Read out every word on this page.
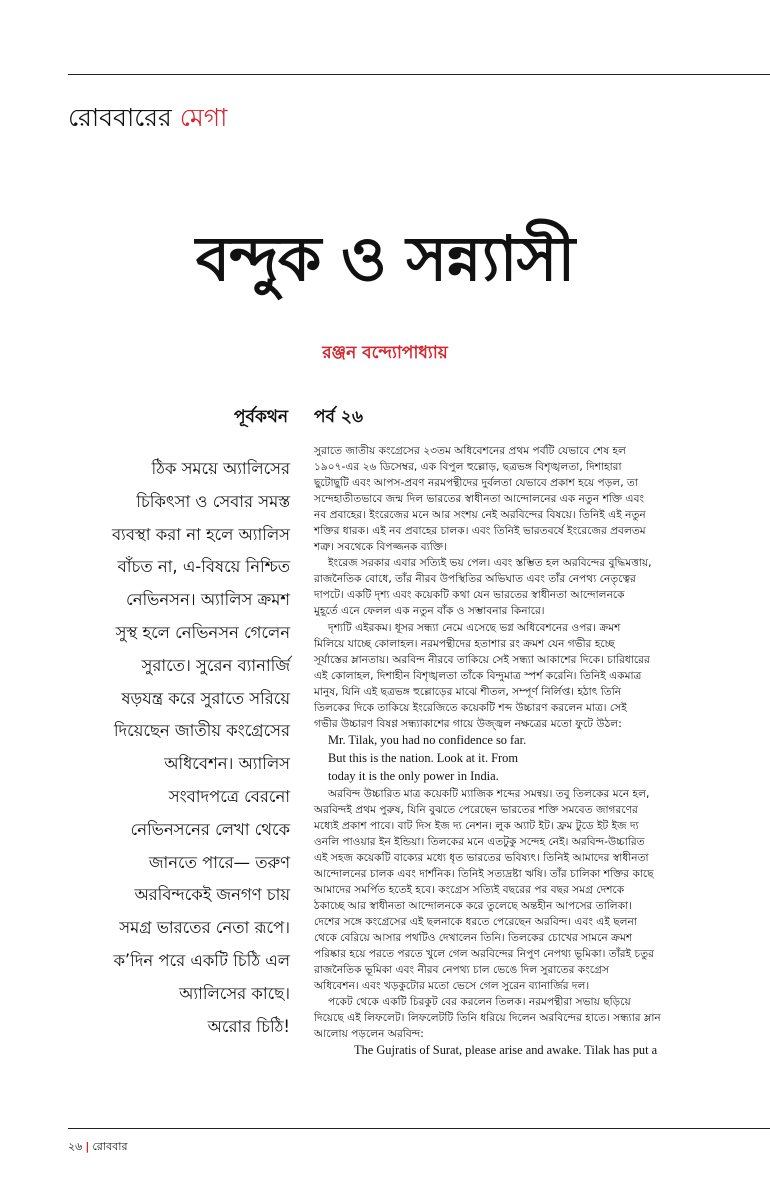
রোববারের মেগা
বন্দুক ও সন্ন্যাসী
রঞ্জন বন্দ্যোপাধ্যায়
পূর্বকথন পর্ব ২৬

ঠিক সময়ে অ্যালিসের

চিকিৎসা ও সেবার সমস্ত

ব্যবস্থা করা না হলে অ্যালিস

বাঁচত না, এ-বিষয়ে নিশ্চিত

নেভিনসন। অ্যালিস ক্রমশ

সুস্থ হলে নেভিনসন গেলেন

সুরাতে। সুরেন ব্যানার্জি

ষড়যন্ত্র করে সুরাতে সরিয়ে

দিয়েছেন জাতীয় কংগ্রেসের

অধিবেশন। অ্যালিস

সংবাদপত্রে বেরনো

নেভিনসনের লেখা থেকে

জানতে পারে— তরুণ

অরবিন্দকেই জনগণ চায়

সমগ্র ভারতের নেতা রূপে।

ক’দিন পরে একটি চিঠি এল

অ্যালিসের কাছে।

অরোর চিঠি!

সুরাতে জাতীয় কংগ্রেসের ২৩তম অধিবেশনের প্রথম পর্বটি যেভাবে শেষ হল

১৯০৭-এর ২৬ ডিসেম্বর, এক বিপুল হুল্লোড়, ছত্রভঙ্গ বিশৃঙ্খলতা, দিশাহারা

ছুটোছুটি এবং আপস-প্রবণ নরমপন্থীদের দুর্বলতা যেভাবে প্রকাশ হয়ে পড়ল, তা

সন্দেহাতীতভাবে জন্ম দিল ভারতের স্বাধীনতা আন্দোলনের এক নতুন শক্তি এবং

নব প্রবাহের। ইংরেজের মনে আর সংশয় নেই অরবিন্দের বিষয়ে। তিনিই এই নতুন

শক্তির ধারক। এই নব প্রবাহের চালক। এবং তিনিই ভারতবর্ষে ইংরেজের প্রবলতম

শত্রু। সবথেকে বিপজ্জনক ব্যক্তি।

ইংরেজ সরকার এবার সত্যিই ভয় পেল। এবং স্তম্ভিত হল অরবিন্দের বুদ্ধিমত্তায়,

রাজনৈতিক বোধে, তাঁর নীরব উপস্থিতির অভিঘাত এবং তাঁর নেপথ্য নেতৃত্বের

দাপটে। একটি দৃশ্য এবং কয়েকটি কথা যেন ভারতের স্বাধীনতা আন্দোলনকে

মুহূর্তে এনে ফেলল এক নতুন বাঁক ও সম্ভাবনার কিনারে।

দৃশ্যটি এইরকম। ধূসর সন্ধ্যা নেমে এসেছে ভগ্ন অধিবেশনের ওপর। ক্রমশ

মিলিয়ে যাচ্ছে কোলাহল। নরমপন্থীদের হতাশার রং ক্রমশ যেন গভীর হচ্ছে

সূর্যাস্তের ম্লানতায়। অরবিন্দ নীরবে তাকিয়ে সেই সন্ধ্যা আকাশের দিকে। চারিধারের

এই কোলাহল, দিশাহীন বিশৃঙ্খলতা তাঁকে বিন্দুমাত্র স্পর্শ করেনি। তিনিই একমাত্র

মানুষ, যিনি এই ছত্রভঙ্গ হুল্লোড়ের মাঝে শীতল, সম্পূর্ণ নির্লিপ্ত। হঠাৎ তিনি

তিলকের দিকে তাকিয়ে ইংরেজিতে কয়েকটি শব্দ উচ্চারণ করলেন মাত্র। সেই

গভীর উচ্চারণ বিষণ্ণ সন্ধ্যাকাশের গায়ে উজ্জ্বল নক্ষত্রের মতো ফুটে উঠল:

Mr. Tilak, you had no confidence so far.

But this is the nation. Look at it. From

today it is the only power in India.

অরবিন্দ উচ্চারিত মাত্র কয়েকটি ম্যাজিক শব্দের সমন্বয়। তবু তিলকের মনে হল,

অরবিন্দই প্রথম পুরুষ, যিনি বুঝতে পেরেছেন ভারতের শক্তি সমবেত জাগরণের

মধ্যেই প্রকাশ পাবে। বাট দিস ইজ দ্য নেশন। লুক অ্যাট ইট। ফ্রম টুডে ইট ইজ দ্য

ওনলি পাওয়ার ইন ইন্ডিয়া। তিলকের মনে এতটুকু সন্দেহ নেই। অরবিন্দ-উচ্চারিত

এই সহজ কয়েকটি বাক্যের মধ্যে ধৃত ভারতের ভবিষ্যৎ। তিনিই আমাদের স্বাধীনতা

আন্দোলনের চালক এবং দার্শনিক। তিনিই সত্যদ্রষ্টা ঋষি। তাঁর চালিকা শক্তির কাছে

আমাদের সমর্পিত হতেই হবে। কংগ্রেস সত্যিই বছরের পর বছর সমগ্র দেশকে

ঠকাচ্ছে আর স্বাধীনতা আন্দোলনকে করে তুলেছে অন্তহীন আপসের তালিকা।

দেশের সঙ্গে কংগ্রেসের এই ছলনাকে ধরতে পেরেছেন অরবিন্দ। এবং এই ছলনা

থেকে বেরিয়ে আসার পথটিও দেখালেন তিনি। তিলকের চোখের সামনে ক্রমশ

পরিষ্কার হয়ে পরতে পরতে খুলে গেল অরবিন্দের নিপুণ নেপথ্য ভূমিকা। তাঁরই চতুর

রাজনৈতিক ভূমিকা এবং নীরব নেপথ্য চাল ভেঙে দিল সুরাতের কংগ্রেস

অধিবেশন। এবং খড়কুটোর মতো ভেসে গেল সুরেন ব্যানার্জির দল।

পকেট থেকে একটি চিরকুট বের করলেন তিলক। নরমপন্থীরা সভায় ছড়িয়ে

দিয়েছে এই লিফলেট। লিফলেটটি তিনি ধরিয়ে দিলেন অরবিন্দের হাতে। সন্ধ্যার ম্লান

আলোয় পড়লেন অরবিন্দ:

The Gujratis of Surat, please arise and awake. Tilak has put a

২৬ | রোববার
